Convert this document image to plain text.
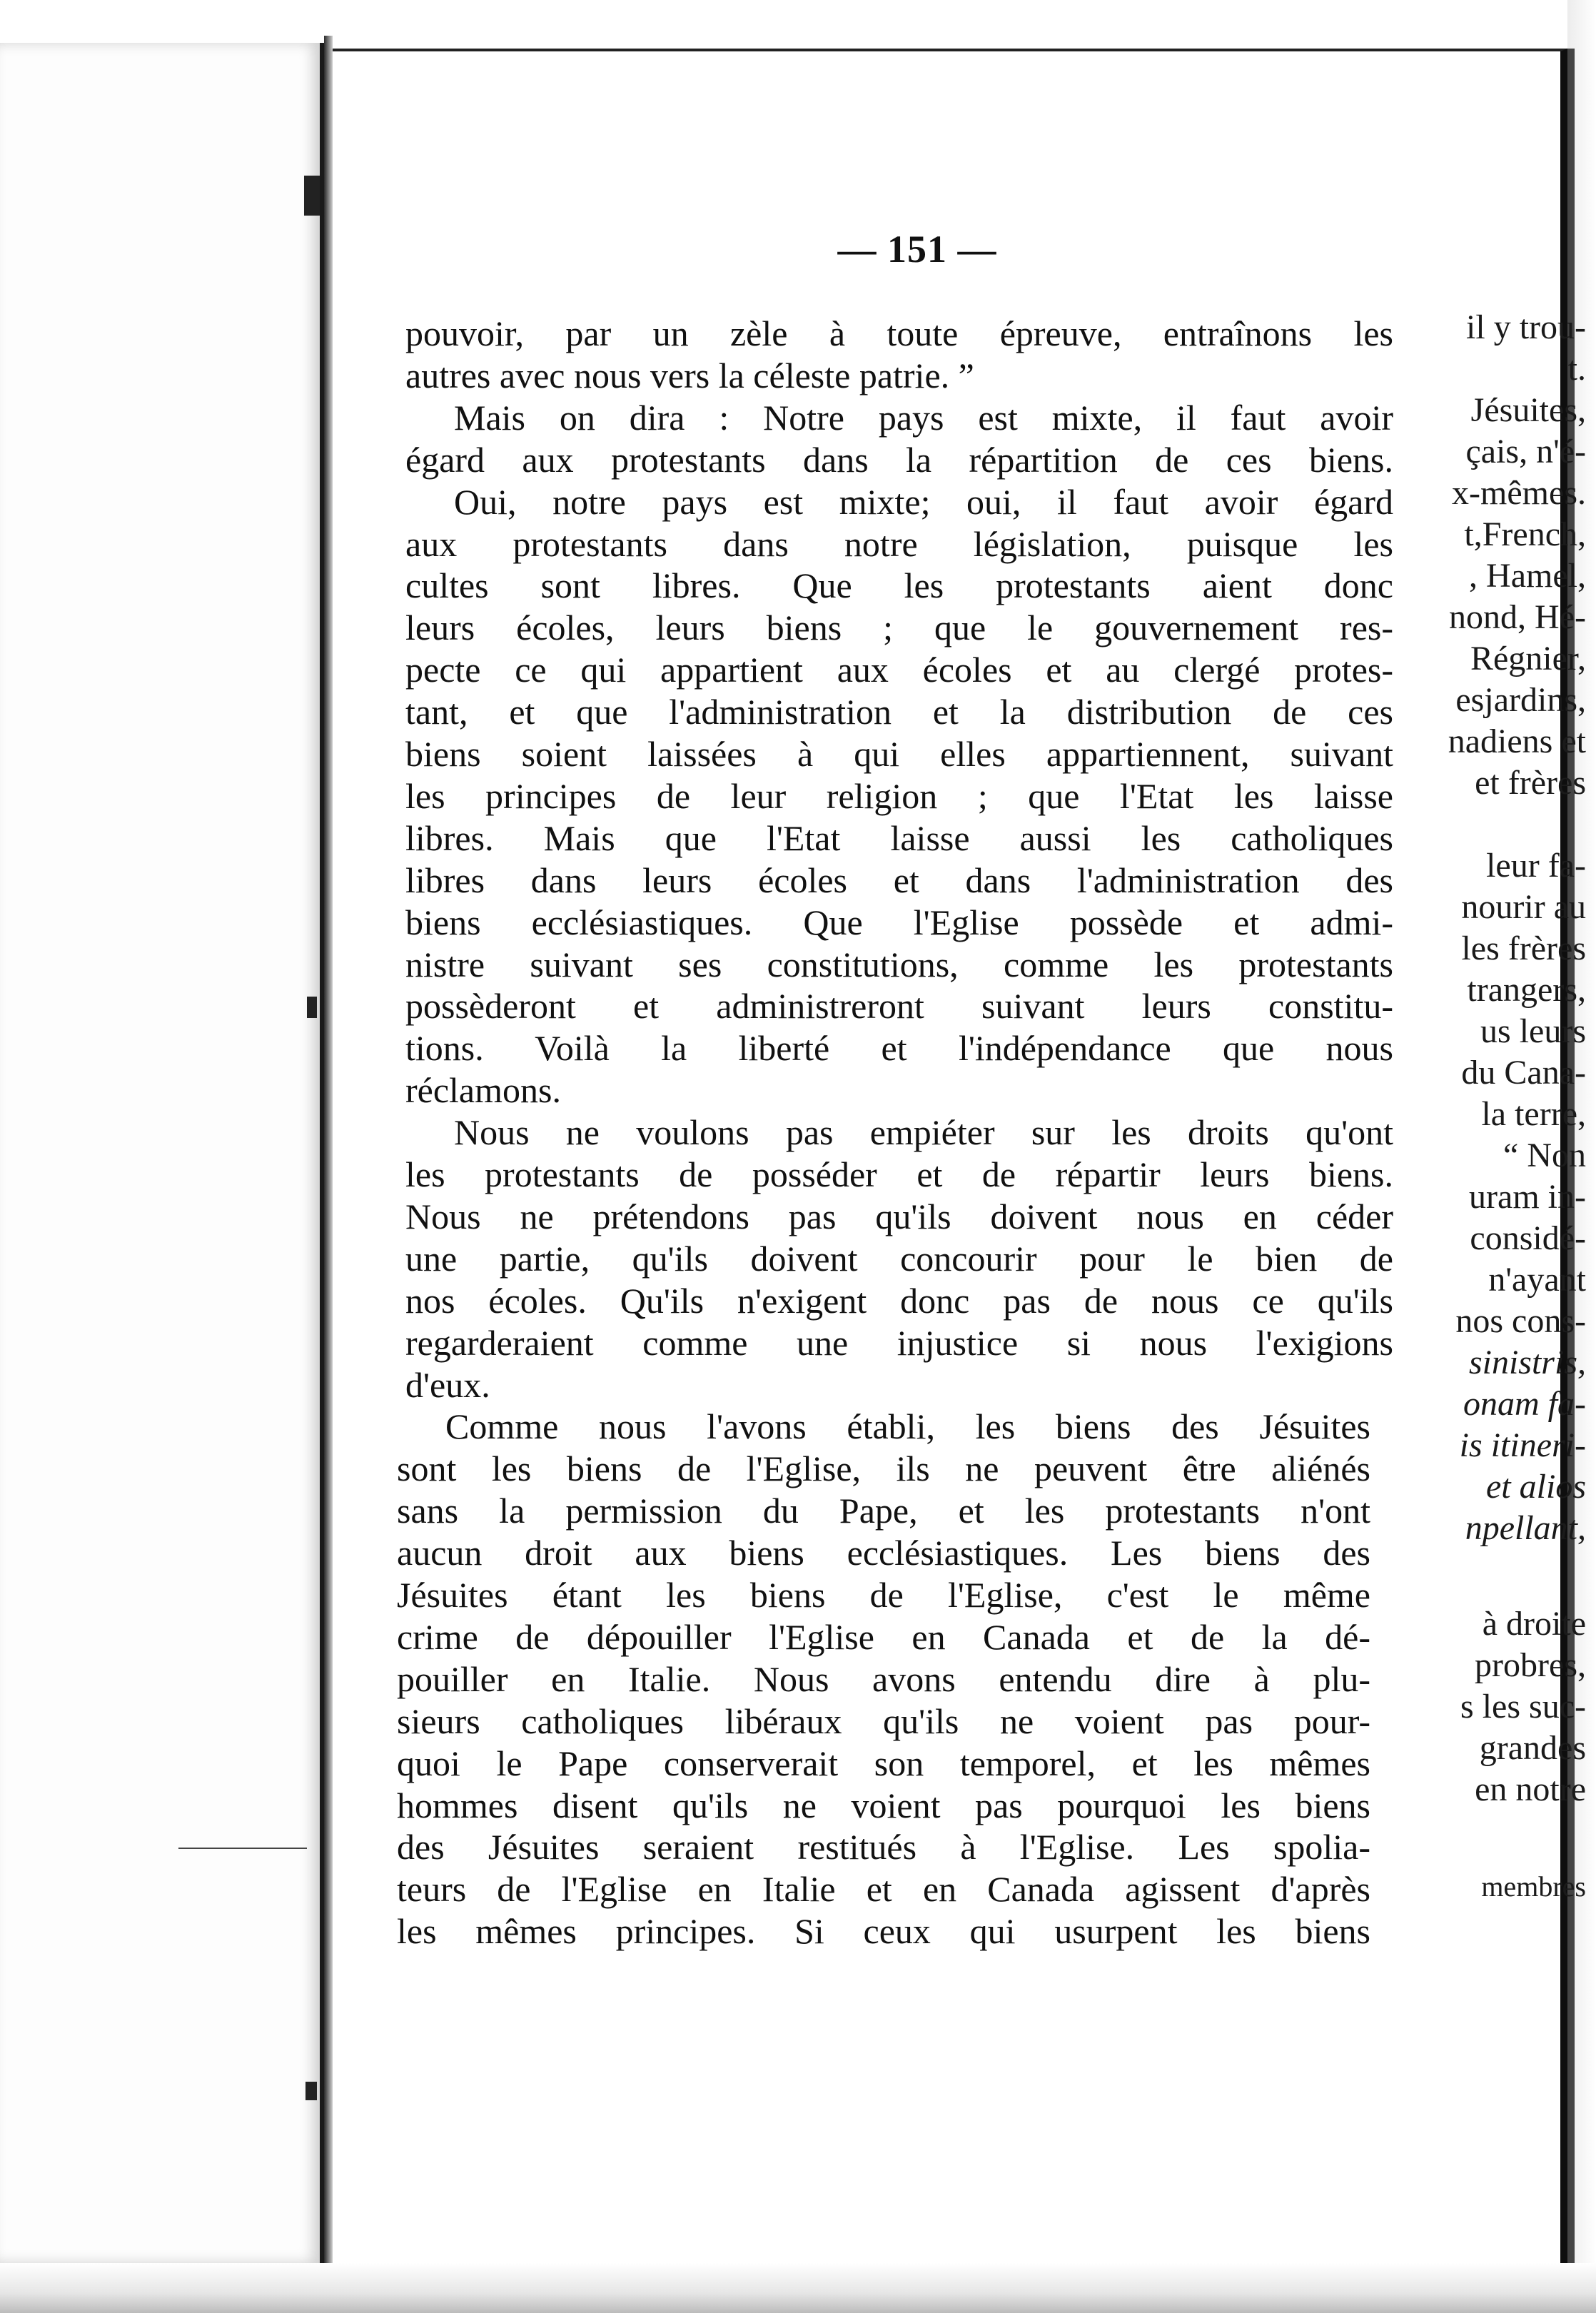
il y trou-
t.
Jésuites,
çais, n'é-
x-mêmes.
t,French,
, Hamel,
nond, Hé-
Régnier,
esjardins,
nadiens et
et frères
leur fa-
nourir au
les frères
trangers,
us leurs
du Cana-
la terre,
“ Non
uram in-
considé-
n'ayant
nos cons-
sinistris,
onam fa-
is itineri-
et alios
npellant,
à droite
probres,
s les suc-
grandes
en notre
membres
— 151 —
pouvoir, par un zèle à toute épreuve, entraînons les
autres avec nous vers la céleste patrie. ”
Mais on dira : Notre pays est mixte, il faut avoir
égard aux protestants dans la répartition de ces biens.
Oui, notre pays est mixte; oui, il faut avoir égard
aux protestants dans notre législation, puisque les
cultes sont libres. Que les protestants aient donc
leurs écoles, leurs biens ; que le gouvernement res-
pecte ce qui appartient aux écoles et au clergé protes-
tant, et que l'administration et la distribution de ces
biens soient laissées à qui elles appartiennent, suivant
les principes de leur religion ; que l'Etat les laisse
libres. Mais que l'Etat laisse aussi les catholiques
libres dans leurs écoles et dans l'administration des
biens ecclésiastiques. Que l'Eglise possède et admi-
nistre suivant ses constitutions, comme les protestants
possèderont et administreront suivant leurs constitu-
tions. Voilà la liberté et l'indépendance que nous
réclamons.
Nous ne voulons pas empiéter sur les droits qu'ont
les protestants de posséder et de répartir leurs biens.
Nous ne prétendons pas qu'ils doivent nous en céder
une partie, qu'ils doivent concourir pour le bien de
nos écoles. Qu'ils n'exigent donc pas de nous ce qu'ils
regarderaient comme une injustice si nous l'exigions
d'eux.
Comme nous l'avons établi, les biens des Jésuites
sont les biens de l'Eglise, ils ne peuvent être aliénés
sans la permission du Pape, et les protestants n'ont
aucun droit aux biens ecclésiastiques. Les biens des
Jésuites étant les biens de l'Eglise, c'est le même
crime de dépouiller l'Eglise en Canada et de la dé-
pouiller en Italie. Nous avons entendu dire à plu-
sieurs catholiques libéraux qu'ils ne voient pas pour-
quoi le Pape conserverait son temporel, et les mêmes
hommes disent qu'ils ne voient pas pourquoi les biens
des Jésuites seraient restitués à l'Eglise. Les spolia-
teurs de l'Eglise en Italie et en Canada agissent d'après
les mêmes principes. Si ceux qui usurpent les biens
